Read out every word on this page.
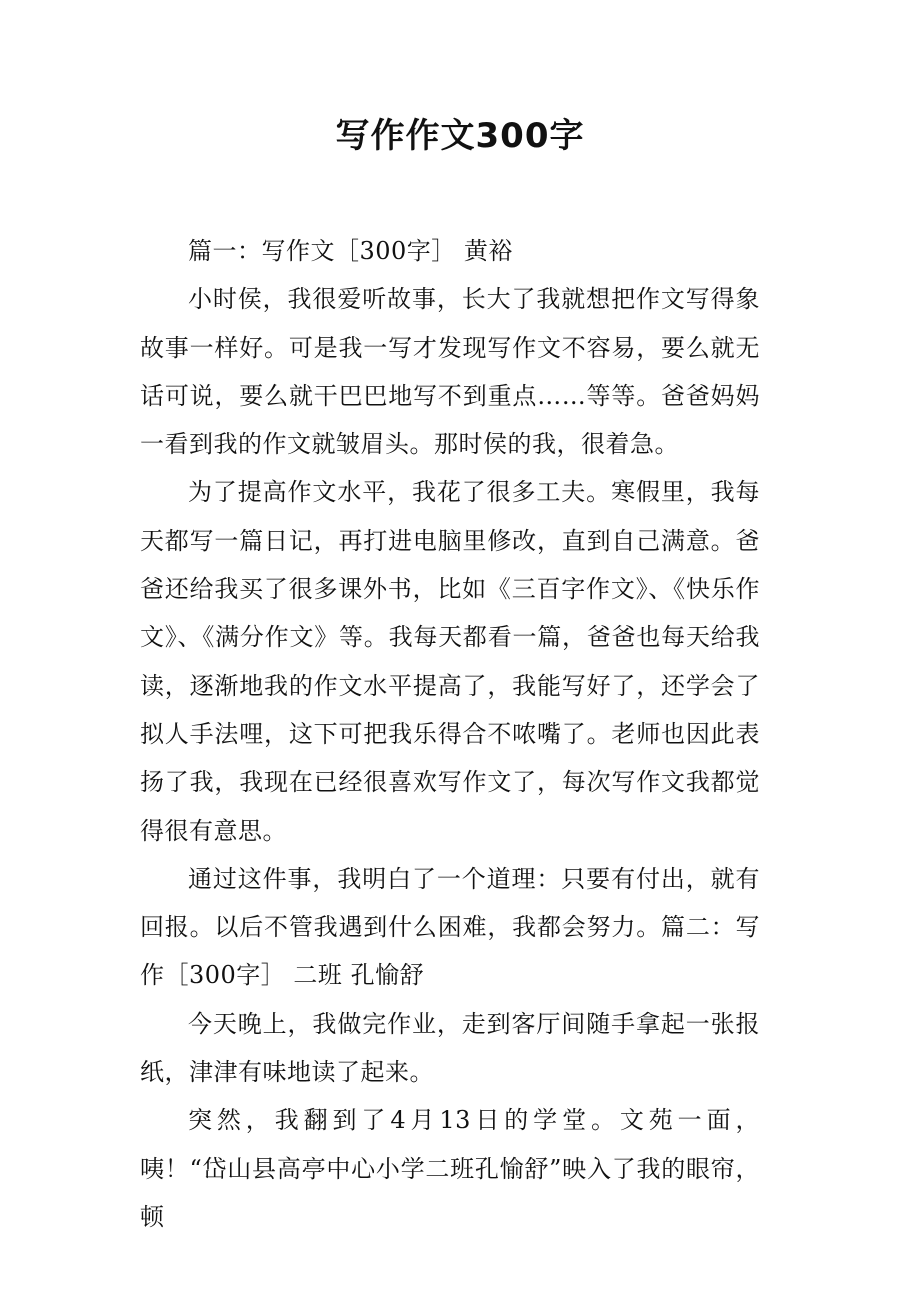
写作作文300字

篇一：写作文［300字］ 黄裕

小时侯，我很爱听故事，长大了我就想把作文写得象故事一样好。可是我一写才发现写作文不容易，要么就无话可说，要么就干巴巴地写不到重点……等等。爸爸妈妈一看到我的作文就皱眉头。那时侯的我，很着急。

为了提高作文水平，我花了很多工夫。寒假里，我每天都写一篇日记，再打进电脑里修改，直到自己满意。爸爸还给我买了很多课外书，比如《三百字作文》、《快乐作文》、《满分作文》等。我每天都看一篇，爸爸也每天给我读，逐渐地我的作文水平提高了，我能写好了，还学会了拟人手法哩，这下可把我乐得合不哝嘴了。老师也因此表扬了我，我现在已经很喜欢写作文了，每次写作文我都觉得很有意思。

通过这件事，我明白了一个道理：只要有付出，就有回报。以后不管我遇到什么困难，我都会努力。篇二：写作［300字］ 二班 孔愉舒

今天晚上，我做完作业，走到客厅间随手拿起一张报纸，津津有味地读了起来。

突然，我翻到了4月13日的学堂。文苑一面，咦！“岱山县高亭中心小学二班孔愉舒”映入了我的眼帘，顿
